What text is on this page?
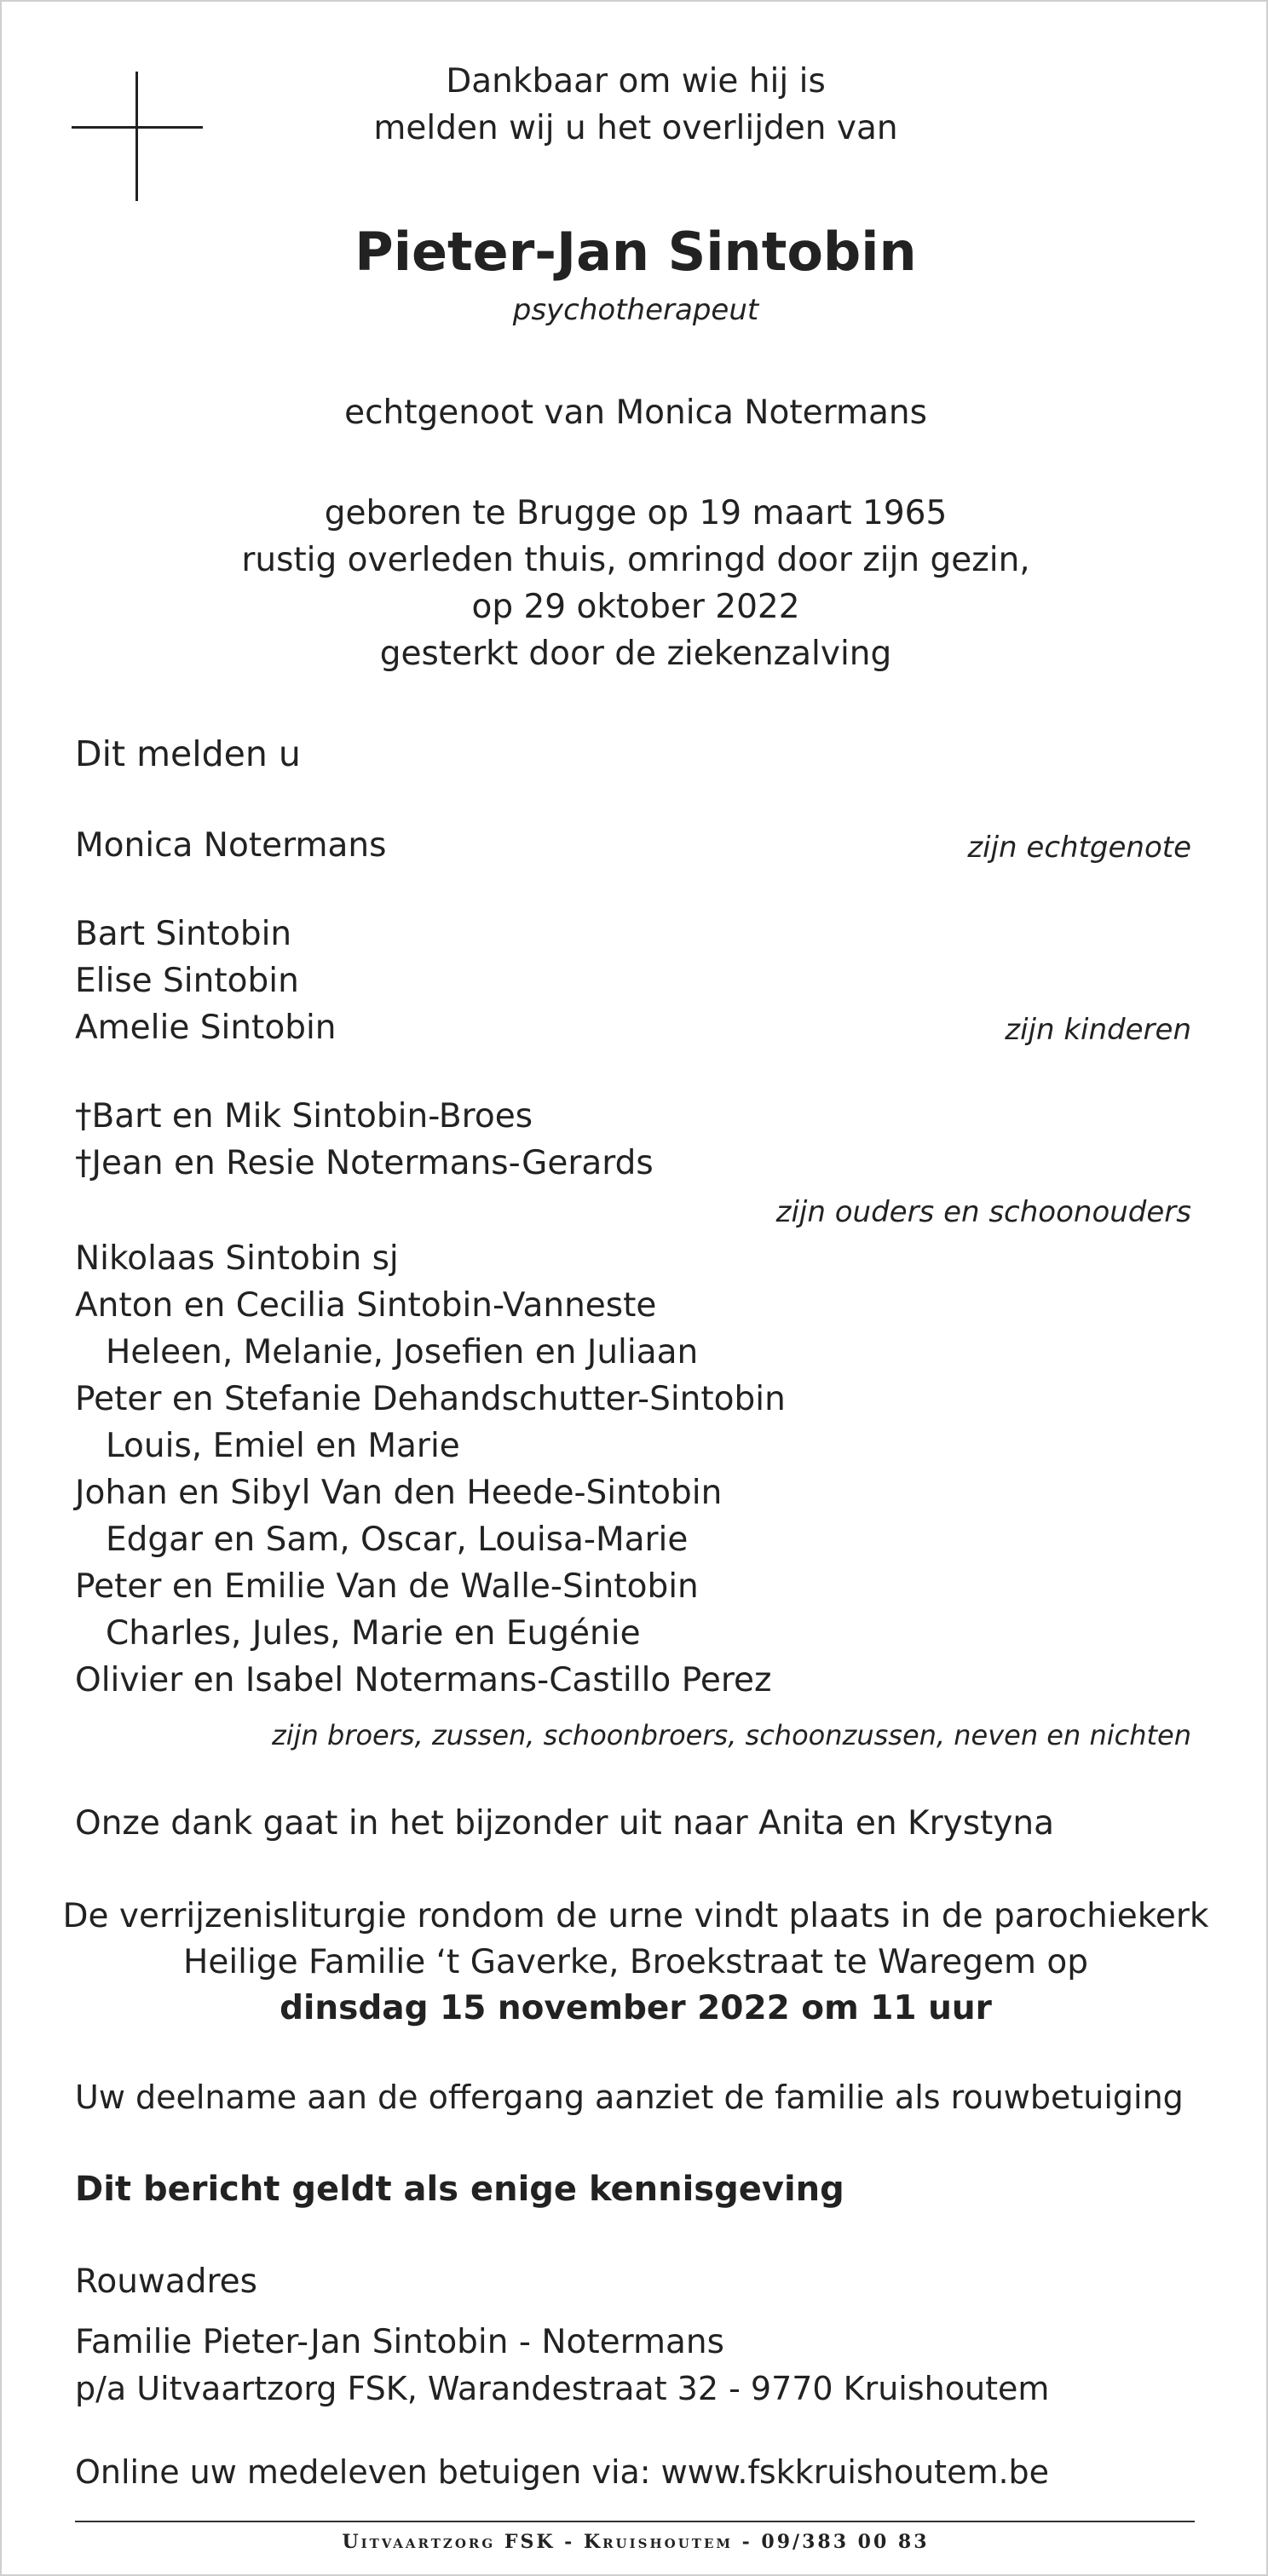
Dankbaar om wie hij is
melden wij u het overlijden van
Pieter-Jan Sintobin
psychotherapeut
echtgenoot van Monica Notermans
geboren te Brugge op 19 maart 1965
rustig overleden thuis, omringd door zijn gezin,
op 29 oktober 2022
gesterkt door de ziekenzalving
Dit melden u
Monica Notermans	zijn echtgenote
Bart Sintobin
Elise Sintobin
Amelie Sintobin	zijn kinderen
†Bart en Mik Sintobin-Broes
†Jean en Resie Notermans-Gerards
zijn ouders en schoonouders
Nikolaas Sintobin sj
Anton en Cecilia Sintobin-Vanneste
Heleen, Melanie, Josefien en Juliaan
Peter en Stefanie Dehandschutter-Sintobin
Louis, Emiel en Marie
Johan en Sibyl Van den Heede-Sintobin
Edgar en Sam, Oscar, Louisa-Marie
Peter en Emilie Van de Walle-Sintobin
Charles, Jules, Marie en Eugénie
Olivier en Isabel Notermans-Castillo Perez
zijn broers, zussen, schoonbroers, schoonzussen, neven en nichten
Onze dank gaat in het bijzonder uit naar Anita en Krystyna
De verrijzenisliturgie rondom de urne vindt plaats in de parochiekerk
Heilige Familie ‘t Gaverke, Broekstraat te Waregem op
dinsdag 15 november 2022 om 11 uur
Uw deelname aan de offergang aanziet de familie als rouwbetuiging
Dit bericht geldt als enige kennisgeving
Rouwadres
Familie Pieter-Jan Sintobin - Notermans
p/a Uitvaartzorg FSK, Warandestraat 32 - 9770 Kruishoutem
Online uw medeleven betuigen via: www.fskkruishoutem.be
Uitvaartzorg FSK - Kruishoutem - 09/383 00 83
